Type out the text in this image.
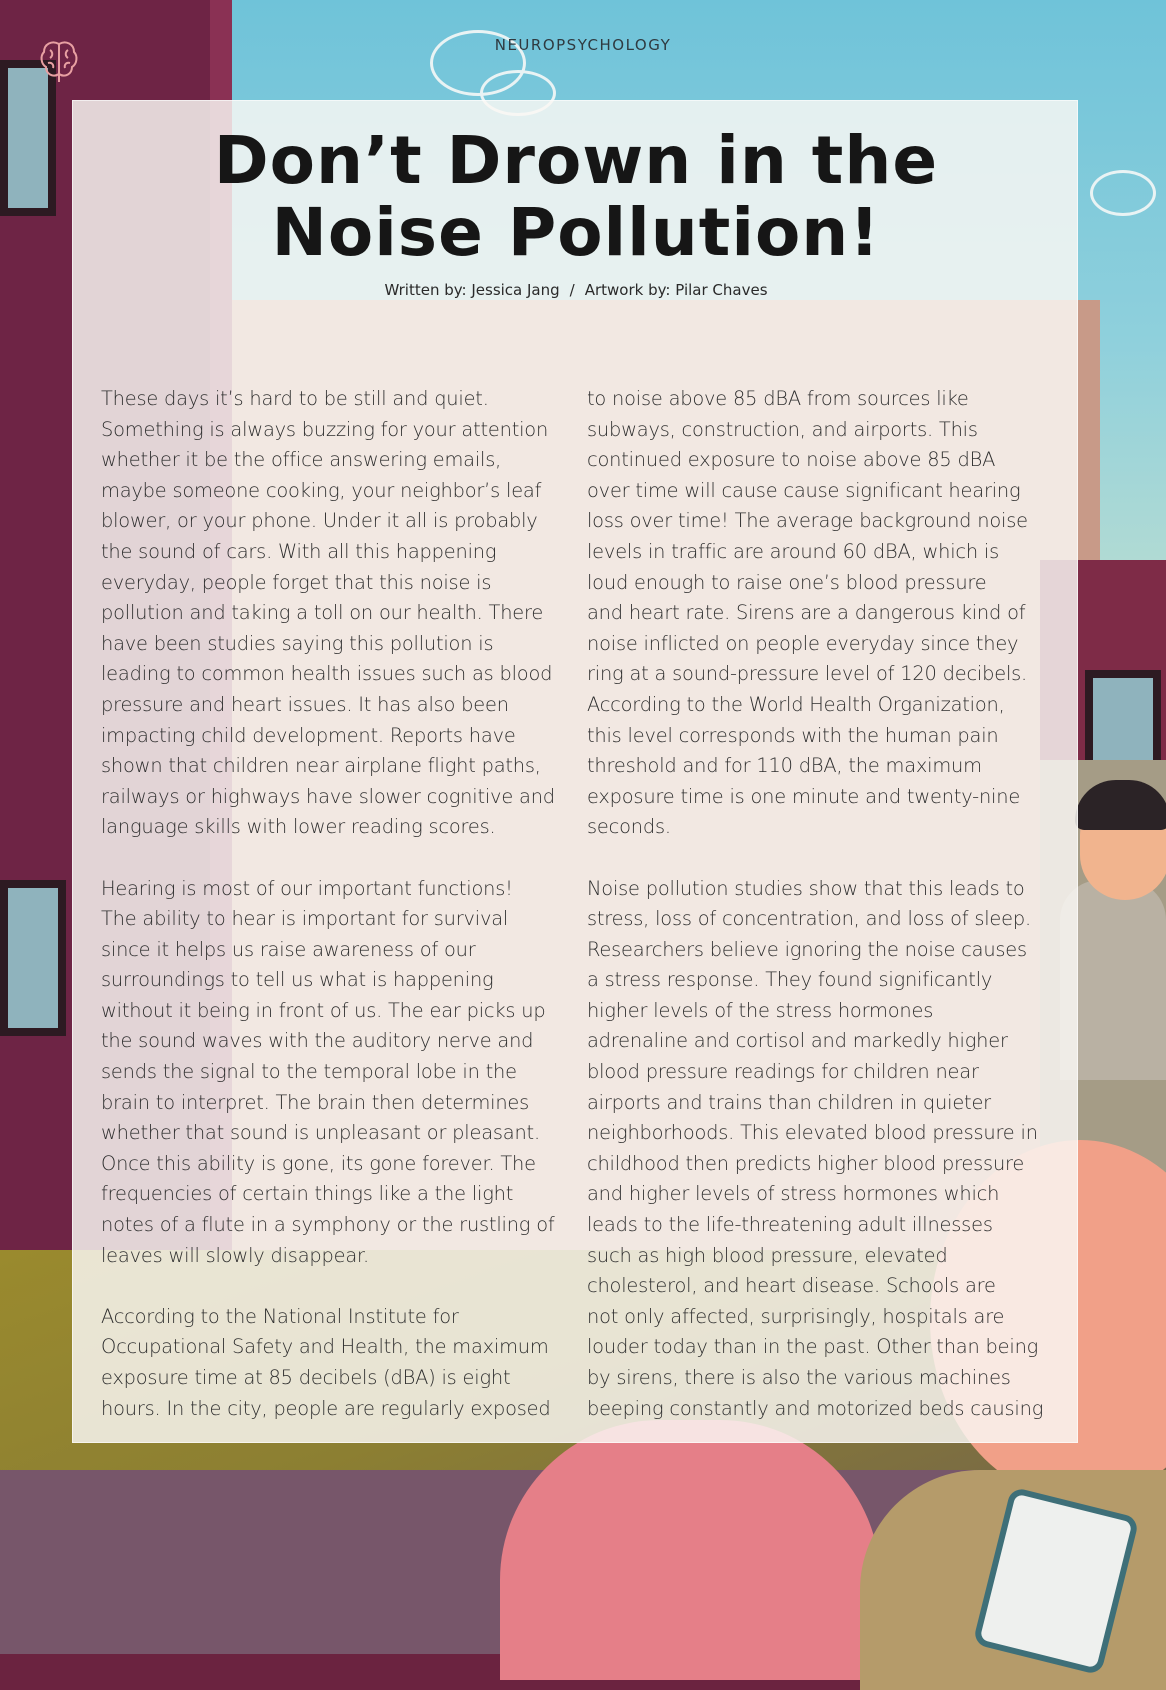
NEUROPSYCHOLOGY

Don’t Drown in the
Noise Pollution!

Written by: Jessica Jang / Artwork by: Pilar Chaves

These days it’s hard to be still and quiet.
Something is always buzzing for your attention
whether it be the office answering emails,
maybe someone cooking, your neighbor’s leaf
blower, or your phone. Under it all is probably
the sound of cars. With all this happening
everyday, people forget that this noise is
pollution and taking a toll on our health. There
have been studies saying this pollution is
leading to common health issues such as blood
pressure and heart issues. It has also been
impacting child development. Reports have
shown that children near airplane flight paths,
railways or highways have slower cognitive and
language skills with lower reading scores.

Hearing is most of our important functions!
The ability to hear is important for survival
since it helps us raise awareness of our
surroundings to tell us what is happening
without it being in front of us. The ear picks up
the sound waves with the auditory nerve and
sends the signal to the temporal lobe in the
brain to interpret. The brain then determines
whether that sound is unpleasant or pleasant.
Once this ability is gone, its gone forever. The
frequencies of certain things like a the light
notes of a flute in a symphony or the rustling of
leaves will slowly disappear.

According to the National Institute for
Occupational Safety and Health, the maximum
exposure time at 85 decibels (dBA) is eight
hours. In the city, people are regularly exposed

to noise above 85 dBA from sources like
subways, construction, and airports. This
continued exposure to noise above 85 dBA
over time will cause cause significant hearing
loss over time! The average background noise
levels in traffic are around 60 dBA, which is
loud enough to raise one’s blood pressure
and heart rate. Sirens are a dangerous kind of
noise inflicted on people everyday since they
ring at a sound-pressure level of 120 decibels.
According to the World Health Organization,
this level corresponds with the human pain
threshold and for 110 dBA, the maximum
exposure time is one minute and twenty-nine
seconds.

Noise pollution studies show that this leads to
stress, loss of concentration, and loss of sleep.
Researchers believe ignoring the noise causes
a stress response. They found significantly
higher levels of the stress hormones
adrenaline and cortisol and markedly higher
blood pressure readings for children near
airports and trains than children in quieter
neighborhoods. This elevated blood pressure in
childhood then predicts higher blood pressure
and higher levels of stress hormones which
leads to the life-threatening adult illnesses
such as high blood pressure, elevated
cholesterol, and heart disease. Schools are
not only affected, surprisingly, hospitals are
louder today than in the past. Other than being
by sirens, there is also the various machines
beeping constantly and motorized beds causing
